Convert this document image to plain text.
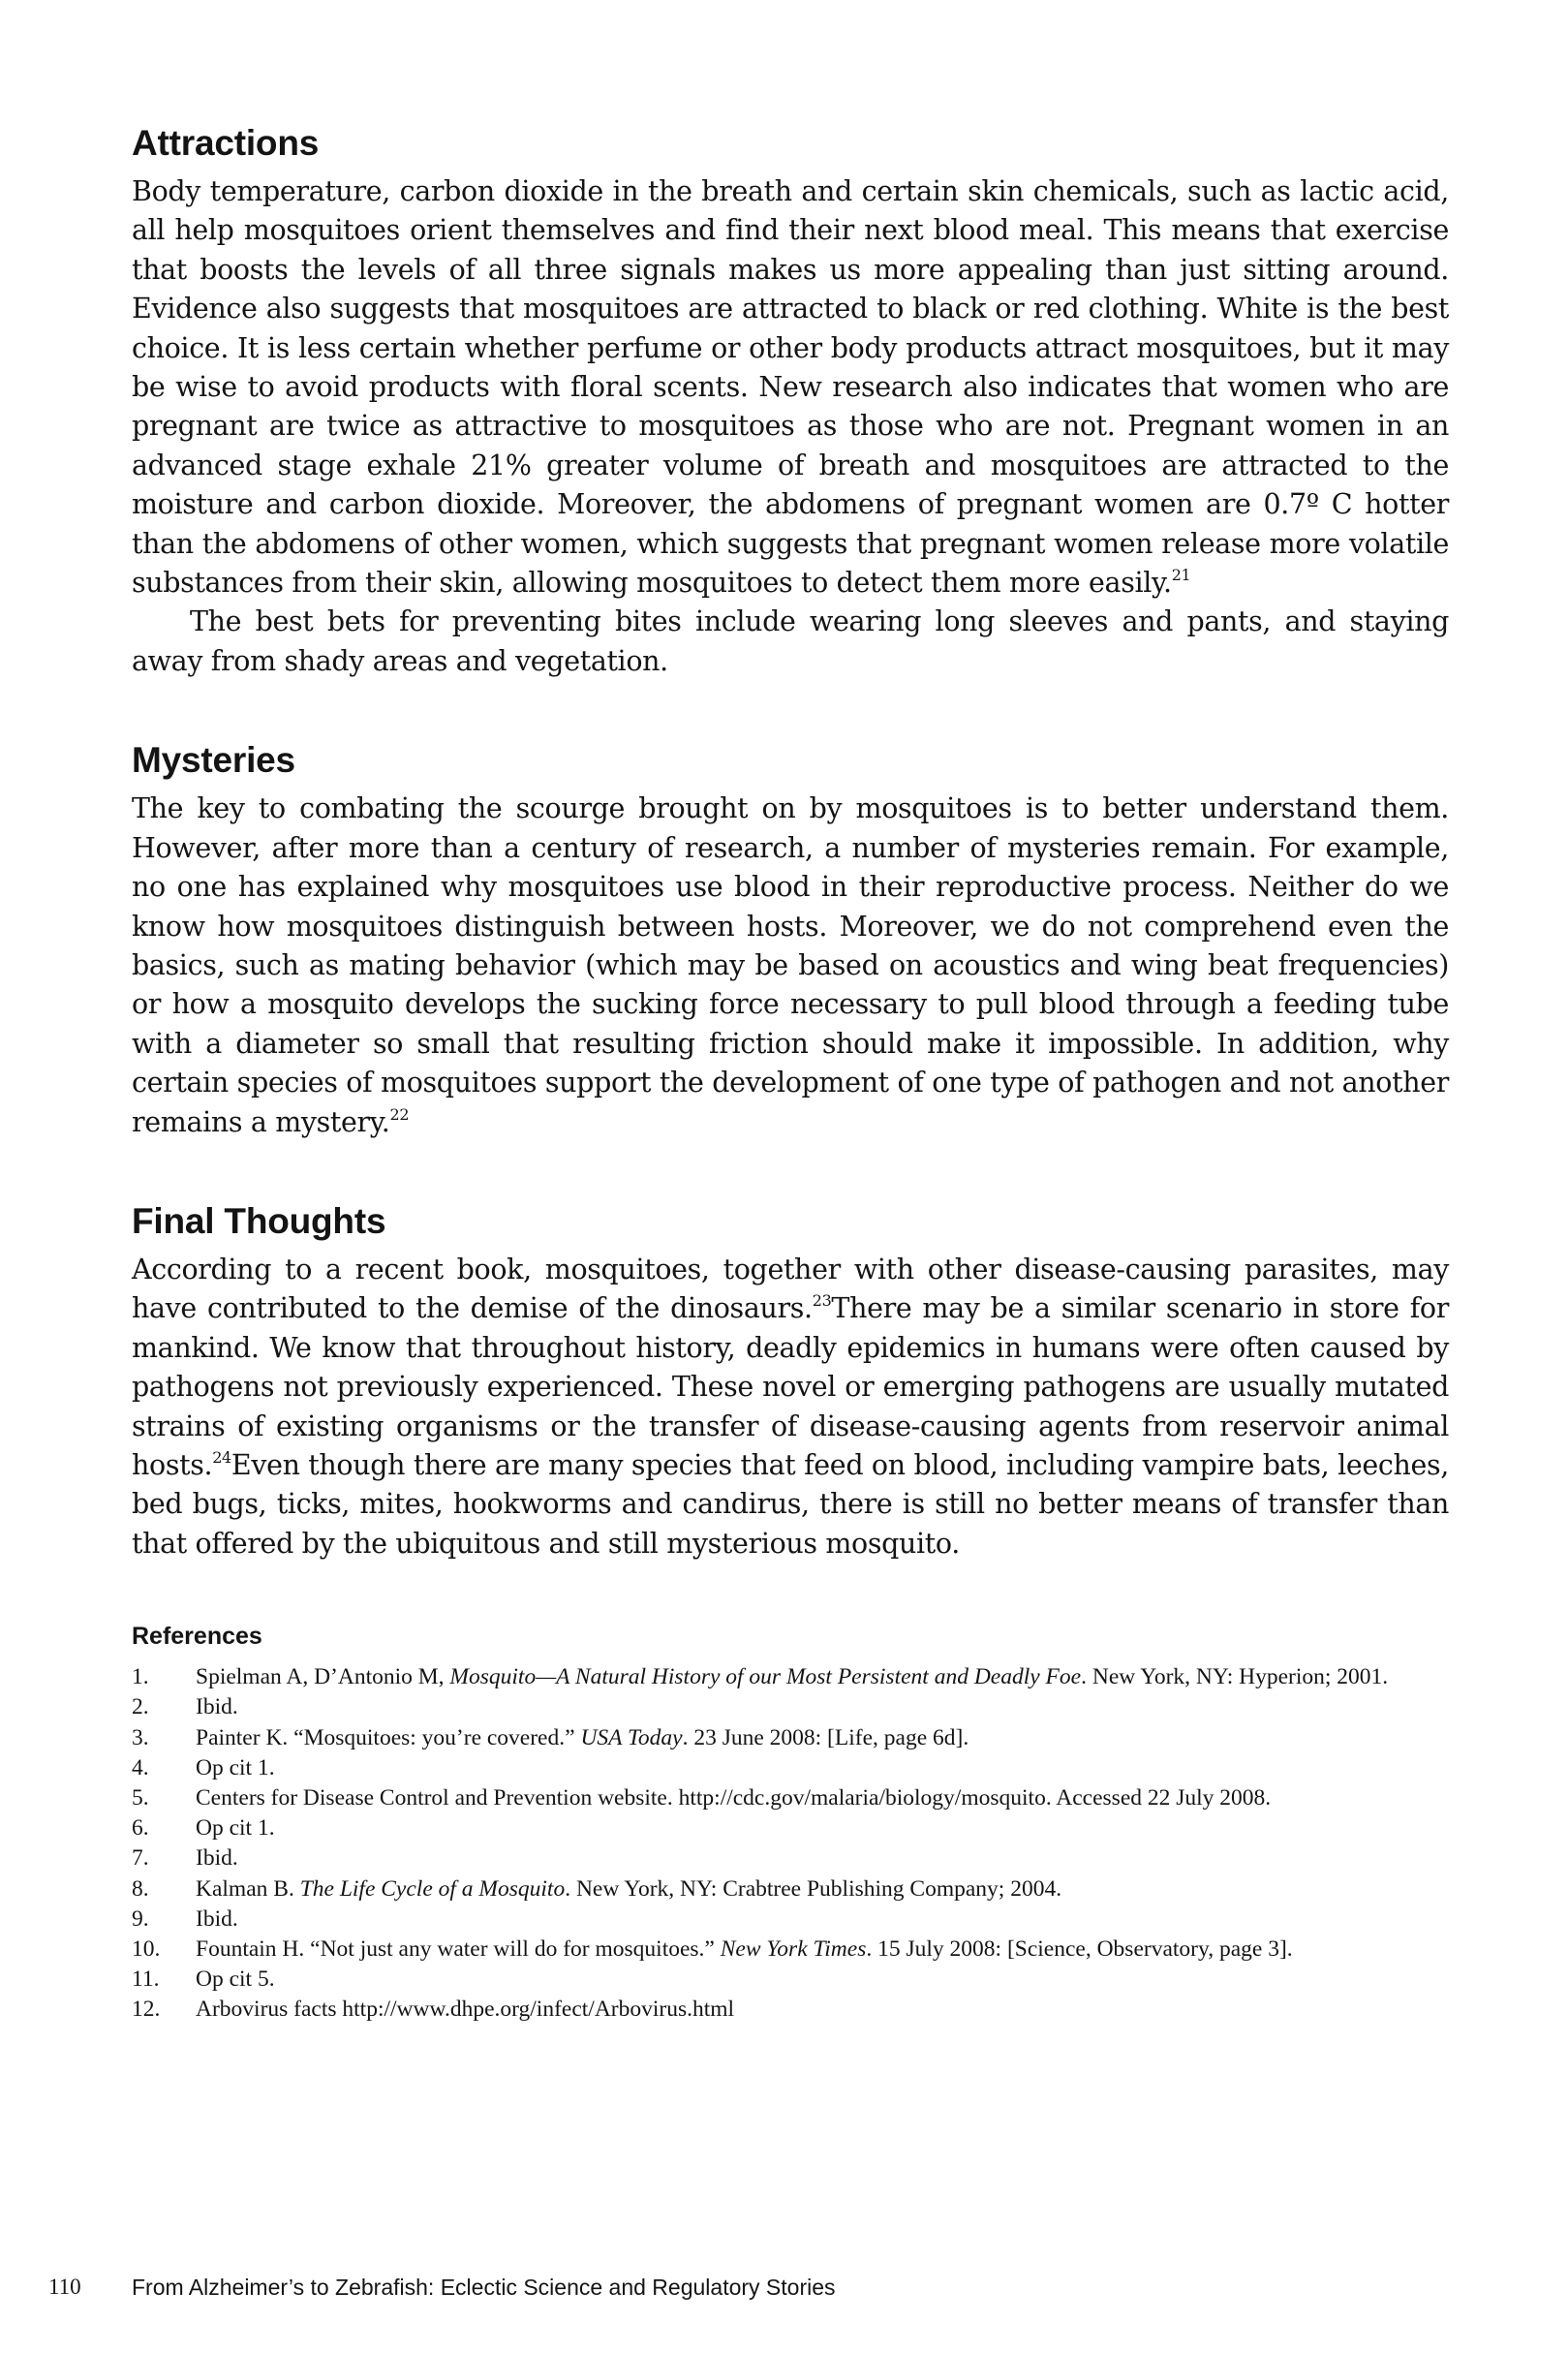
Attractions

Body temperature, carbon dioxide in the breath and certain skin chemicals, such as lactic acid, all help mosquitoes orient themselves and find their next blood meal. This means that exercise that boosts the levels of all three signals makes us more appealing than just sitting around. Evidence also suggests that mosquitoes are attracted to black or red clothing. White is the best choice. It is less certain whether perfume or other body products attract mosquitoes, but it may be wise to avoid products with floral scents. New research also indicates that women who are pregnant are twice as attractive to mosquitoes as those who are not. Pregnant women in an advanced stage exhale 21% greater volume of breath and mosquitoes are attracted to the moisture and carbon dioxide. Moreover, the abdomens of pregnant women are 0.7º C hotter than the abdomens of other women, which suggests that pregnant women release more volatile substances from their skin, allowing mosquitoes to detect them more easily.$^{21}$

The best bets for preventing bites include wearing long sleeves and pants, and staying away from shady areas and vegetation.

Mysteries

The key to combating the scourge brought on by mosquitoes is to better understand them. However, after more than a century of research, a number of mysteries remain. For example, no one has explained why mosquitoes use blood in their reproductive process. Neither do we know how mosquitoes distinguish between hosts. Moreover, we do not comprehend even the basics, such as mating behavior (which may be based on acoustics and wing beat frequencies) or how a mosquito develops the sucking force necessary to pull blood through a feeding tube with a diameter so small that resulting friction should make it impossible. In addition, why certain species of mosquitoes support the development of one type of pathogen and not another remains a mystery.$^{22}$

Final Thoughts

According to a recent book, mosquitoes, together with other disease-causing parasites, may have contributed to the demise of the dinosaurs.$^{23}$There may be a similar scenario in store for mankind. We know that throughout history, deadly epidemics in humans were often caused by pathogens not previously experienced. These novel or emerging pathogens are usually mutated strains of existing organisms or the transfer of disease-causing agents from reservoir animal hosts.$^{24}$Even though there are many species that feed on blood, including vampire bats, leeches, bed bugs, ticks, mites, hookworms and candirus, there is still no better means of transfer than that offered by the ubiquitous and still mysterious mosquito.

References
1. Spielman A, D’Antonio M, Mosquito—A Natural History of our Most Persistent and Deadly Foe. New York, NY: Hyperion; 2001.
2. Ibid.
3. Painter K. “Mosquitoes: you’re covered.” USA Today. 23 June 2008: [Life, page 6d].
4. Op cit 1.
5. Centers for Disease Control and Prevention website. http://cdc.gov/malaria/biology/mosquito. Accessed 22 July 2008.
6. Op cit 1.
7. Ibid.
8. Kalman B. The Life Cycle of a Mosquito. New York, NY: Crabtree Publishing Company; 2004.
9. Ibid.
10. Fountain H. “Not just any water will do for mosquitoes.” New York Times. 15 July 2008: [Science, Observatory, page 3].
11. Op cit 5.
12. Arbovirus facts http://www.dhpe.org/infect/Arbovirus.html
110 From Alzheimer’s to Zebrafish: Eclectic Science and Regulatory Stories
